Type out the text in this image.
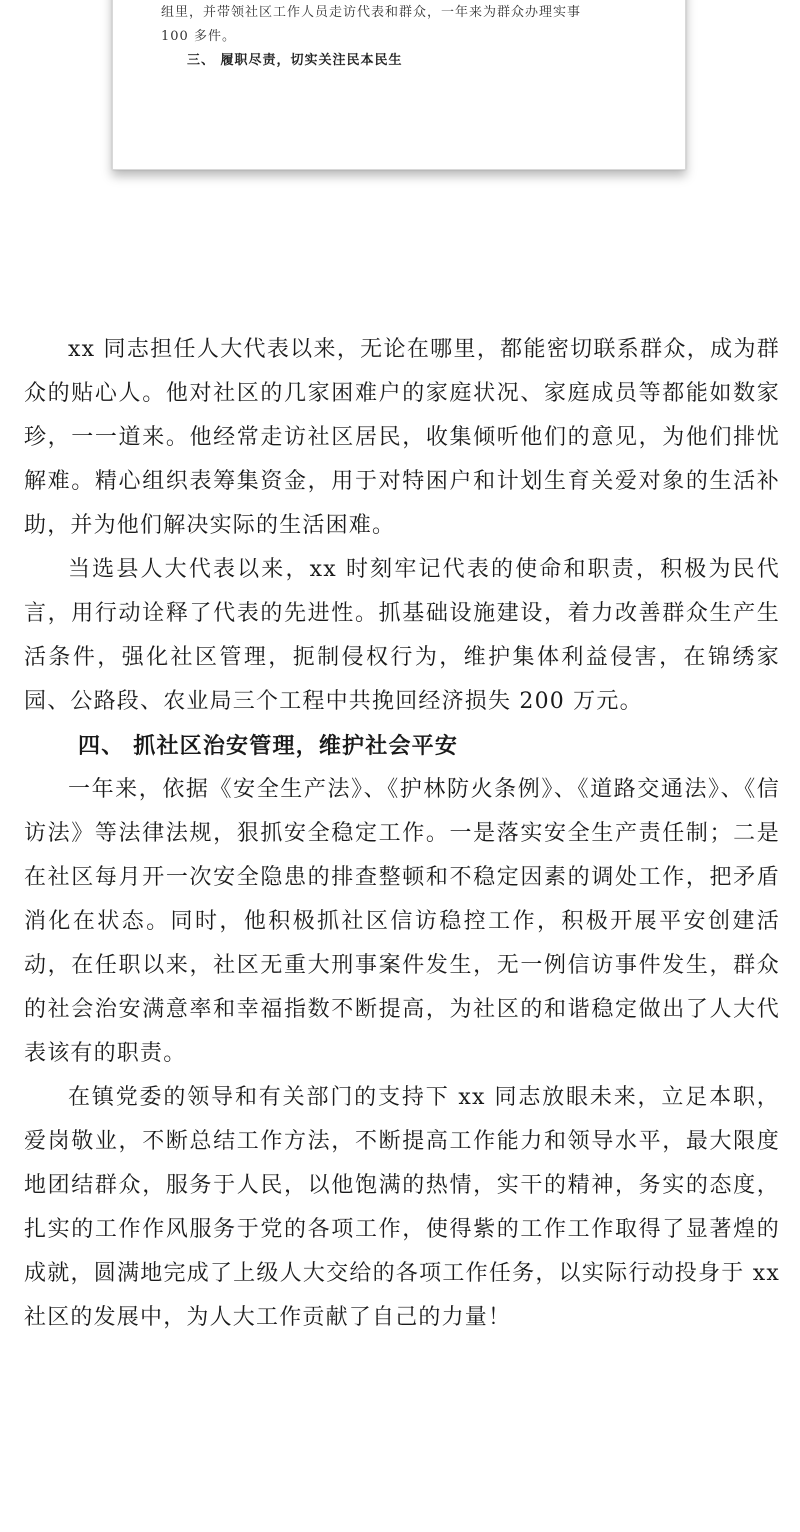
组里，并带领社区工作人员走访代表和群众，一年来为群众办理实事

100 多件。

三、 履职尽责，切实关注民本民生

xx 同志担任人大代表以来，无论在哪里，都能密切联系群众，成为群众的贴心人。他对社区的几家困难户的家庭状况、家庭成员等都能如数家珍，一一道来。他经常走访社区居民，收集倾听他们的意见，为他们排忧解难。精心组织表筹集资金，用于对特困户和计划生育关爱对象的生活补助，并为他们解决实际的生活困难。

当选县人大代表以来，xx 时刻牢记代表的使命和职责，积极为民代言，用行动诠释了代表的先进性。抓基础设施建设，着力改善群众生产生活条件，强化社区管理，扼制侵权行为，维护集体利益侵害，在锦绣家园、公路段、农业局三个工程中共挽回经济损失 200 万元。

四、 抓社区治安管理，维护社会平安

一年来，依据《安全生产法》、《护林防火条例》、《道路交通法》、《信访法》等法律法规，狠抓安全稳定工作。一是落实安全生产责任制；二是在社区每月开一次安全隐患的排查整顿和不稳定因素的调处工作，把矛盾消化在状态。同时，他积极抓社区信访稳控工作，积极开展平安创建活动，在任职以来，社区无重大刑事案件发生，无一例信访事件发生，群众的社会治安满意率和幸福指数不断提高，为社区的和谐稳定做出了人大代表该有的职责。

在镇党委的领导和有关部门的支持下 xx 同志放眼未来，立足本职，爱岗敬业，不断总结工作方法，不断提高工作能力和领导水平，最大限度地团结群众，服务于人民，以他饱满的热情，实干的精神，务实的态度，扎实的工作作风服务于党的各项工作，使得紫的工作工作取得了显著煌的成就，圆满地完成了上级人大交给的各项工作任务，以实际行动投身于 xx 社区的发展中，为人大工作贡献了自己的力量！
